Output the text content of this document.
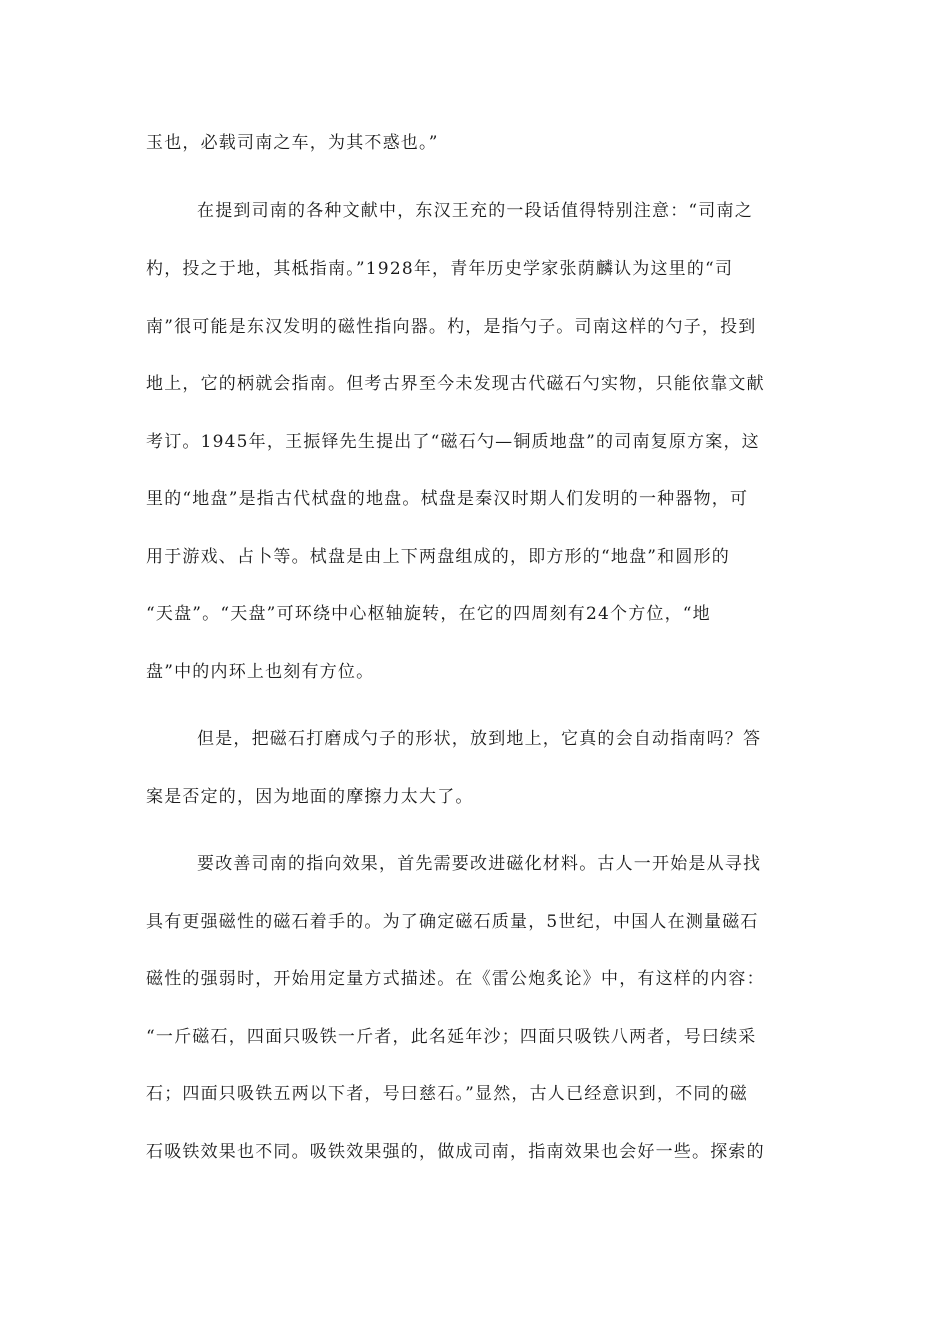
玉也，必载司南之车，为其不惑也。”
在提到司南的各种文献中，东汉王充的一段话值得特别注意：“司南之
杓，投之于地，其柢指南。”1928年，青年历史学家张荫麟认为这里的“司
南”很可能是东汉发明的磁性指向器。杓，是指勺子。司南这样的勺子，投到
地上，它的柄就会指南。但考古界至今未发现古代磁石勺实物，只能依靠文献
考订。1945年，王振铎先生提出了“磁石勺—铜质地盘”的司南复原方案，这
里的“地盘”是指古代栻盘的地盘。栻盘是秦汉时期人们发明的一种器物，可
用于游戏、占卜等。栻盘是由上下两盘组成的，即方形的“地盘”和圆形的
“天盘”。“天盘”可环绕中心枢轴旋转，在它的四周刻有24个方位，“地
盘”中的内环上也刻有方位。
但是，把磁石打磨成勺子的形状，放到地上，它真的会自动指南吗？答
案是否定的，因为地面的摩擦力太大了。
要改善司南的指向效果，首先需要改进磁化材料。古人一开始是从寻找
具有更强磁性的磁石着手的。为了确定磁石质量，5世纪，中国人在测量磁石
磁性的强弱时，开始用定量方式描述。在《雷公炮炙论》中，有这样的内容：
“一斤磁石，四面只吸铁一斤者，此名延年沙；四面只吸铁八两者，号曰续采
石；四面只吸铁五两以下者，号曰慈石。”显然，古人已经意识到，不同的磁
石吸铁效果也不同。吸铁效果强的，做成司南，指南效果也会好一些。探索的
